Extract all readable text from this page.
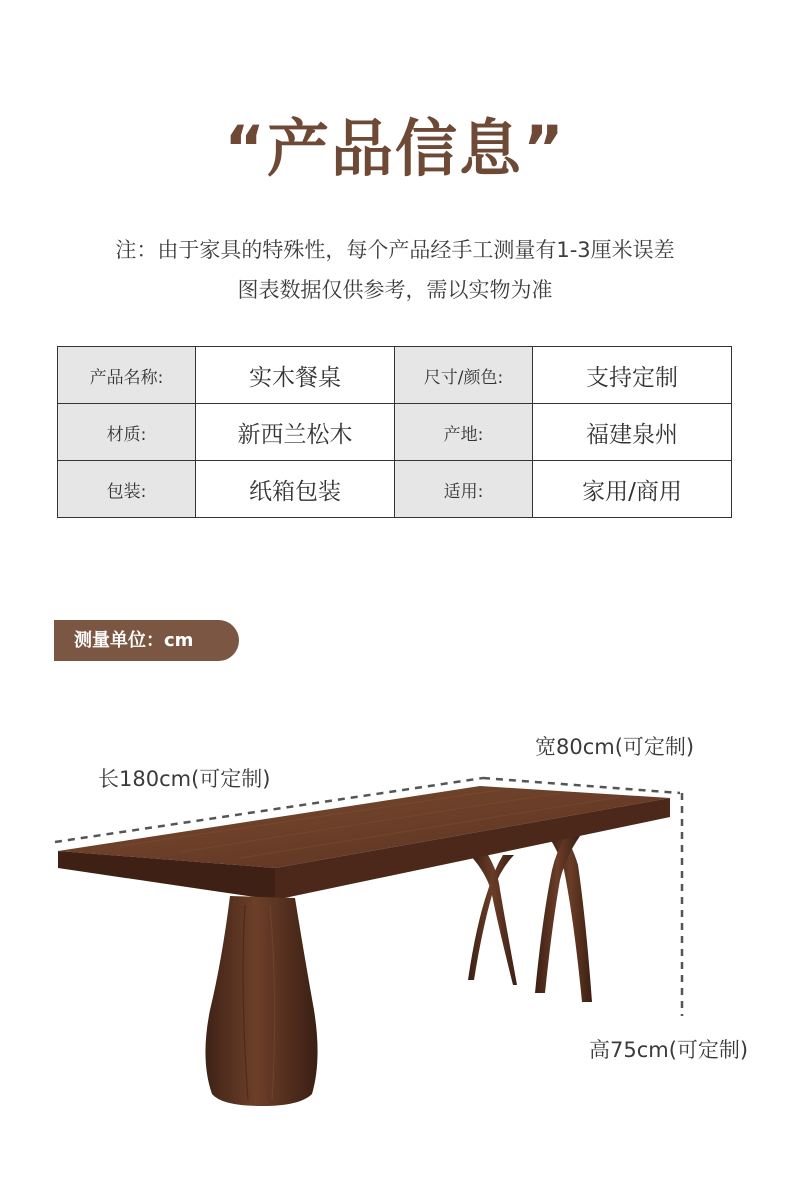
“产品信息”
注：由于家具的特殊性，每个产品经手工测量有1-3厘米误差
图表数据仅供参考，需以实物为准
产品名称:	实木餐桌	尺寸/颜色:	支持定制
材质:	新西兰松木	产地:	福建泉州
包装:	纸箱包装	适用:	家用/商用
测量单位：cm
宽80cm(可定制)
长180cm(可定制)
高75cm(可定制)
